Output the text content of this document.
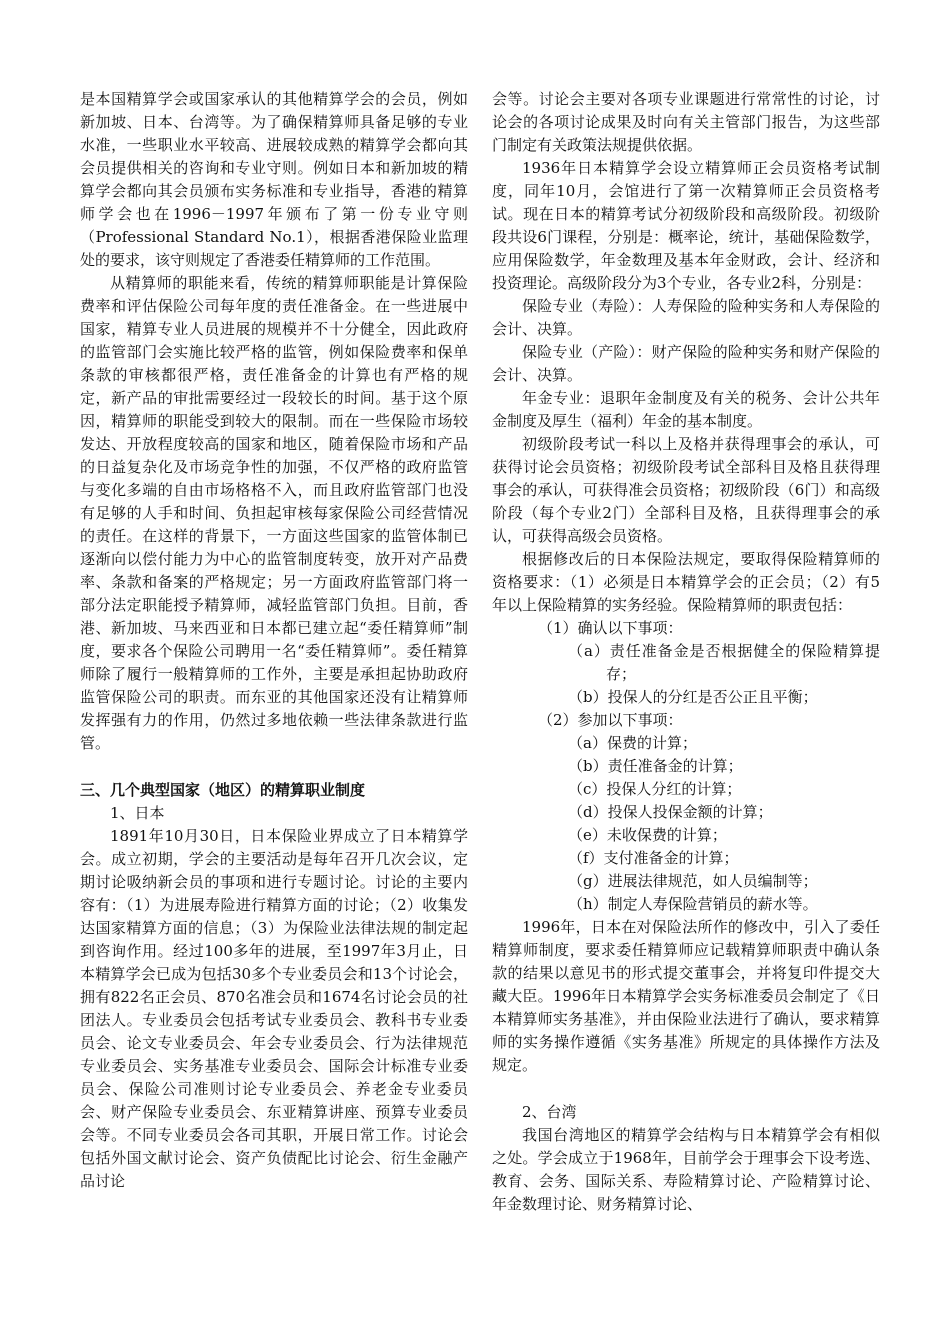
是本国精算学会或国家承认的其他精算学会的会员，例如新加坡、日本、台湾等。为了确保精算师具备足够的专业水准，一些职业水平较高、进展较成熟的精算学会都向其会员提供相关的咨询和专业守则。例如日本和新加坡的精算学会都向其会员颁布实务标准和专业指导，香港的精算师学会也在1996－1997年颁布了第一份专业守则（Professional Standard No.1），根据香港保险业监理处的要求，该守则规定了香港委任精算师的工作范围。

从精算师的职能来看，传统的精算师职能是计算保险费率和评估保险公司每年度的责任准备金。在一些进展中国家，精算专业人员进展的规模并不十分健全，因此政府的监管部门会实施比较严格的监管，例如保险费率和保单条款的审核都很严格，责任准备金的计算也有严格的规定，新产品的审批需要经过一段较长的时间。基于这个原因，精算师的职能受到较大的限制。而在一些保险市场较发达、开放程度较高的国家和地区，随着保险市场和产品的日益复杂化及市场竞争性的加强，不仅严格的政府监管与变化多端的自由市场格格不入，而且政府监管部门也没有足够的人手和时间、负担起审核每家保险公司经营情况的责任。在这样的背景下，一方面这些国家的监管体制已逐渐向以偿付能力为中心的监管制度转变，放开对产品费率、条款和备案的严格规定；另一方面政府监管部门将一部分法定职能授予精算师，减轻监管部门负担。目前，香港、新加坡、马来西亚和日本都已建立起“委任精算师”制度，要求各个保险公司聘用一名“委任精算师”。委任精算师除了履行一般精算师的工作外，主要是承担起协助政府监管保险公司的职责。而东亚的其他国家还没有让精算师发挥强有力的作用，仍然过多地依赖一些法律条款进行监管。

三、几个典型国家（地区）的精算职业制度

1、日本

1891年10月30日，日本保险业界成立了日本精算学会。成立初期，学会的主要活动是每年召开几次会议，定期讨论吸纳新会员的事项和进行专题讨论。讨论的主要内容有：（1）为进展寿险进行精算方面的讨论；（2）收集发达国家精算方面的信息；（3）为保险业法律法规的制定起到咨询作用。经过100多年的进展，至1997年3月止，日本精算学会已成为包括30多个专业委员会和13个讨论会，拥有822名正会员、870名准会员和1674名讨论会员的社团法人。专业委员会包括考试专业委员会、教科书专业委员会、论文专业委员会、年会专业委员会、行为法律规范专业委员会、实务基准专业委员会、国际会计标准专业委员会、保险公司准则讨论专业委员会、养老金专业委员会、财产保险专业委员会、东亚精算讲座、预算专业委员会等。不同专业委员会各司其职，开展日常工作。讨论会包括外国文献讨论会、资产负债配比讨论会、衍生金融产品讨论

会等。讨论会主要对各项专业课题进行常常性的讨论，讨论会的各项讨论成果及时向有关主管部门报告，为这些部门制定有关政策法规提供依据。

1936年日本精算学会设立精算师正会员资格考试制度，同年10月，会馆进行了第一次精算师正会员资格考试。现在日本的精算考试分初级阶段和高级阶段。初级阶段共设6门课程，分别是：概率论，统计，基础保险数学，应用保险数学，年金数理及基本年金财政，会计、经济和投资理论。高级阶段分为3个专业，各专业2科，分别是：

保险专业（寿险）：人寿保险的险种实务和人寿保险的会计、决算。

保险专业（产险）：财产保险的险种实务和财产保险的会计、决算。

年金专业：退职年金制度及有关的税务、会计公共年金制度及厚生（福利）年金的基本制度。

初级阶段考试一科以上及格并获得理事会的承认，可获得讨论会员资格；初级阶段考试全部科目及格且获得理事会的承认，可获得准会员资格；初级阶段（6门）和高级阶段（每个专业2门）全部科目及格，且获得理事会的承认，可获得高级会员资格。

根据修改后的日本保险法规定，要取得保险精算师的资格要求：（1）必须是日本精算学会的正会员；（2）有5年以上保险精算的实务经验。保险精算师的职责包括：

（1）确认以下事项：

（a）责任准备金是否根据健全的保险精算提存；

（b）投保人的分红是否公正且平衡；

（2）参加以下事项：

（a）保费的计算；

（b）责任准备金的计算；

（c）投保人分红的计算；

（d）投保人投保金额的计算；

（e）未收保费的计算；

（f）支付准备金的计算；

（g）进展法律规范，如人员编制等；

（h）制定人寿保险营销员的薪水等。

1996年，日本在对保险法所作的修改中，引入了委任精算师制度，要求委任精算师应记载精算师职责中确认条款的结果以意见书的形式提交董事会，并将复印件提交大藏大臣。1996年日本精算学会实务标准委员会制定了《日本精算师实务基准》，并由保险业法进行了确认，要求精算师的实务操作遵循《实务基准》所规定的具体操作方法及规定。

2、台湾

我国台湾地区的精算学会结构与日本精算学会有相似之处。学会成立于1968年，目前学会于理事会下设考选、教育、会务、国际关系、寿险精算讨论、产险精算讨论、年金数理讨论、财务精算讨论、
